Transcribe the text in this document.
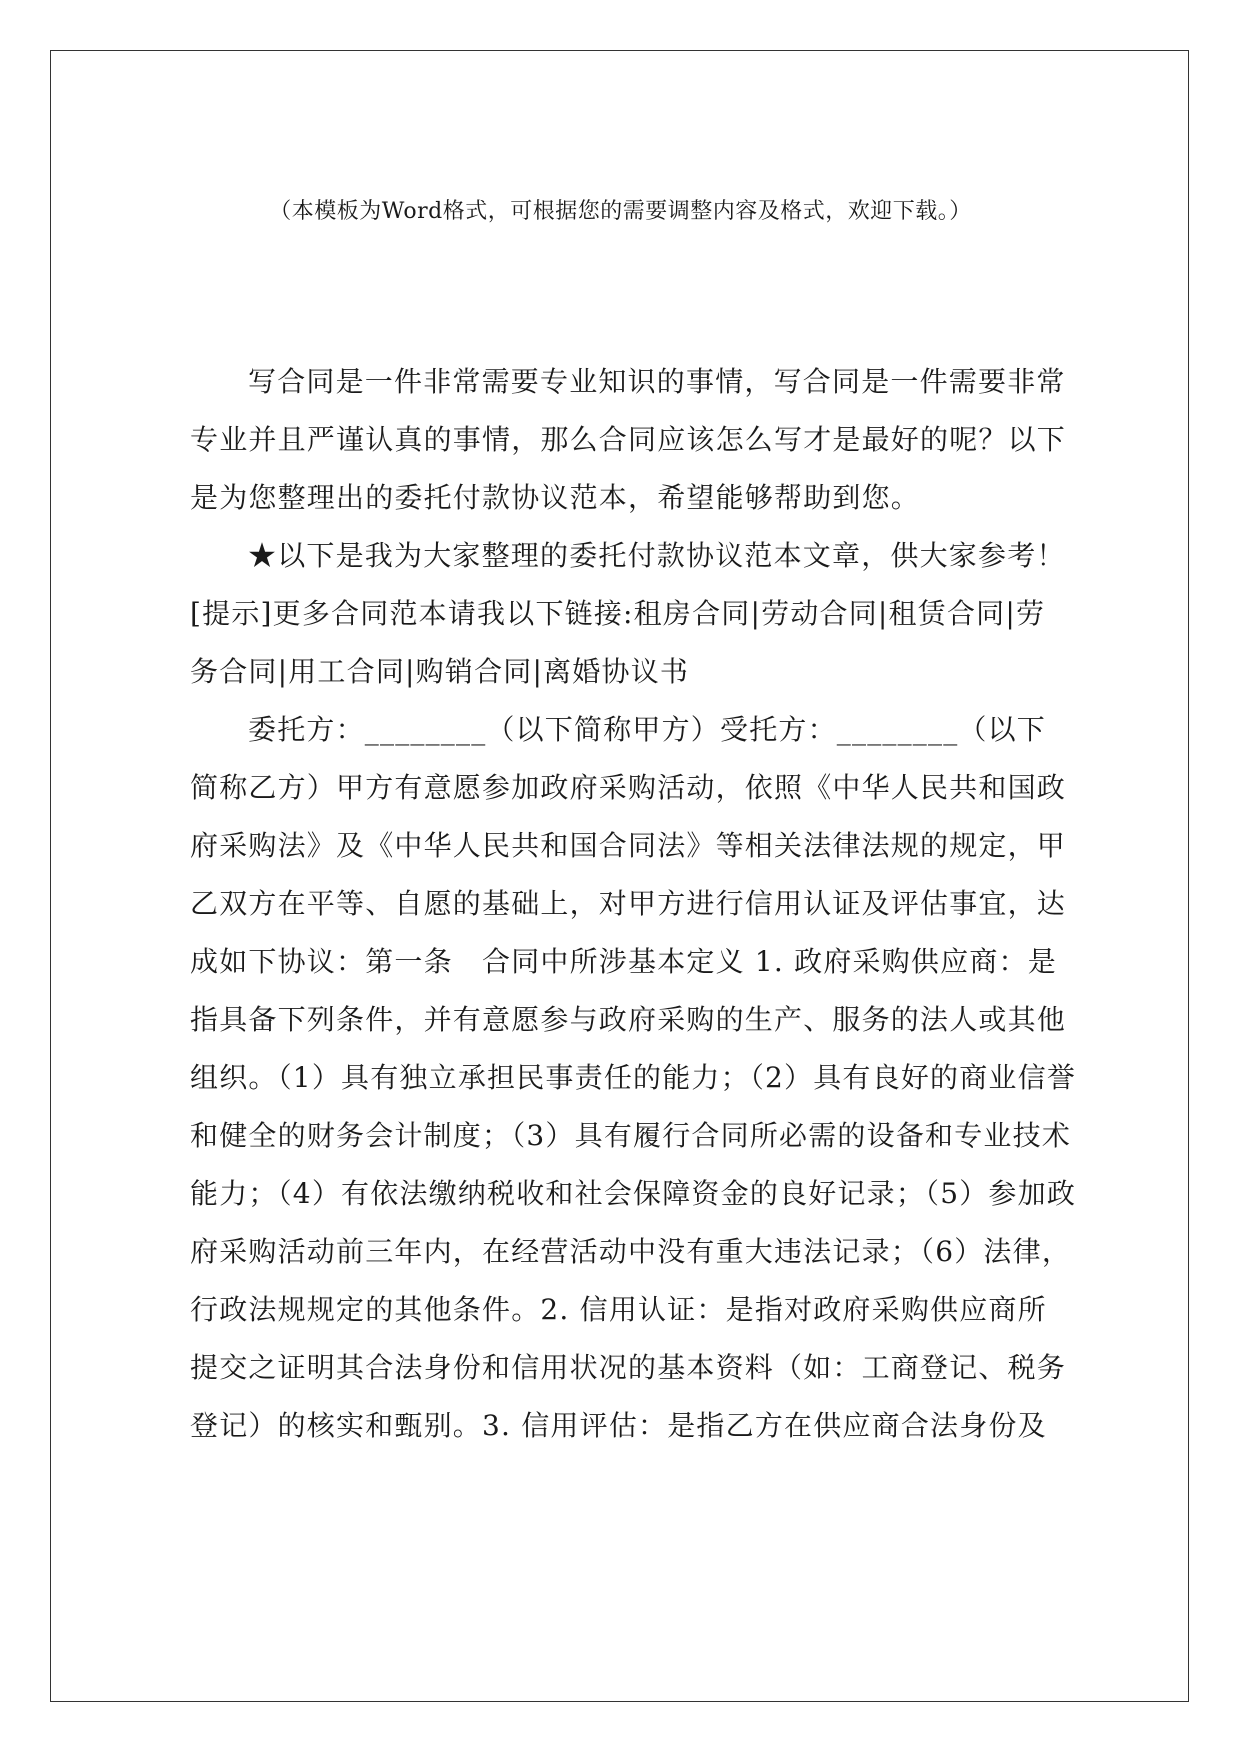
（本模板为Word格式，可根据您的需要调整内容及格式，欢迎下载。）
写合同是一件非常需要专业知识的事情，写合同是一件需要非常
专业并且严谨认真的事情，那么合同应该怎么写才是最好的呢？以下
是为您整理出的委托付款协议范本，希望能够帮助到您。
★以下是我为大家整理的委托付款协议范本文章，供大家参考！
[提示]更多合同范本请我以下链接:租房合同|劳动合同|租赁合同|劳
务合同|用工合同|购销合同|离婚协议书
委托方：________（以下简称甲方）受托方：________（以下
简称乙方）甲方有意愿参加政府采购活动，依照《中华人民共和国政
府采购法》及《中华人民共和国合同法》等相关法律法规的规定，甲
乙双方在平等、自愿的基础上，对甲方进行信用认证及评估事宜，达
成如下协议：第一条　合同中所涉基本定义 1. 政府采购供应商：是
指具备下列条件，并有意愿参与政府采购的生产、服务的法人或其他
组织。（1）具有独立承担民事责任的能力；（2）具有良好的商业信誉
和健全的财务会计制度；（3）具有履行合同所必需的设备和专业技术
能力；（4）有依法缴纳税收和社会保障资金的良好记录；（5）参加政
府采购活动前三年内，在经营活动中没有重大违法记录；（6）法律，
行政法规规定的其他条件。2. 信用认证：是指对政府采购供应商所
提交之证明其合法身份和信用状况的基本资料（如：工商登记、税务
登记）的核实和甄别。3. 信用评估：是指乙方在供应商合法身份及
